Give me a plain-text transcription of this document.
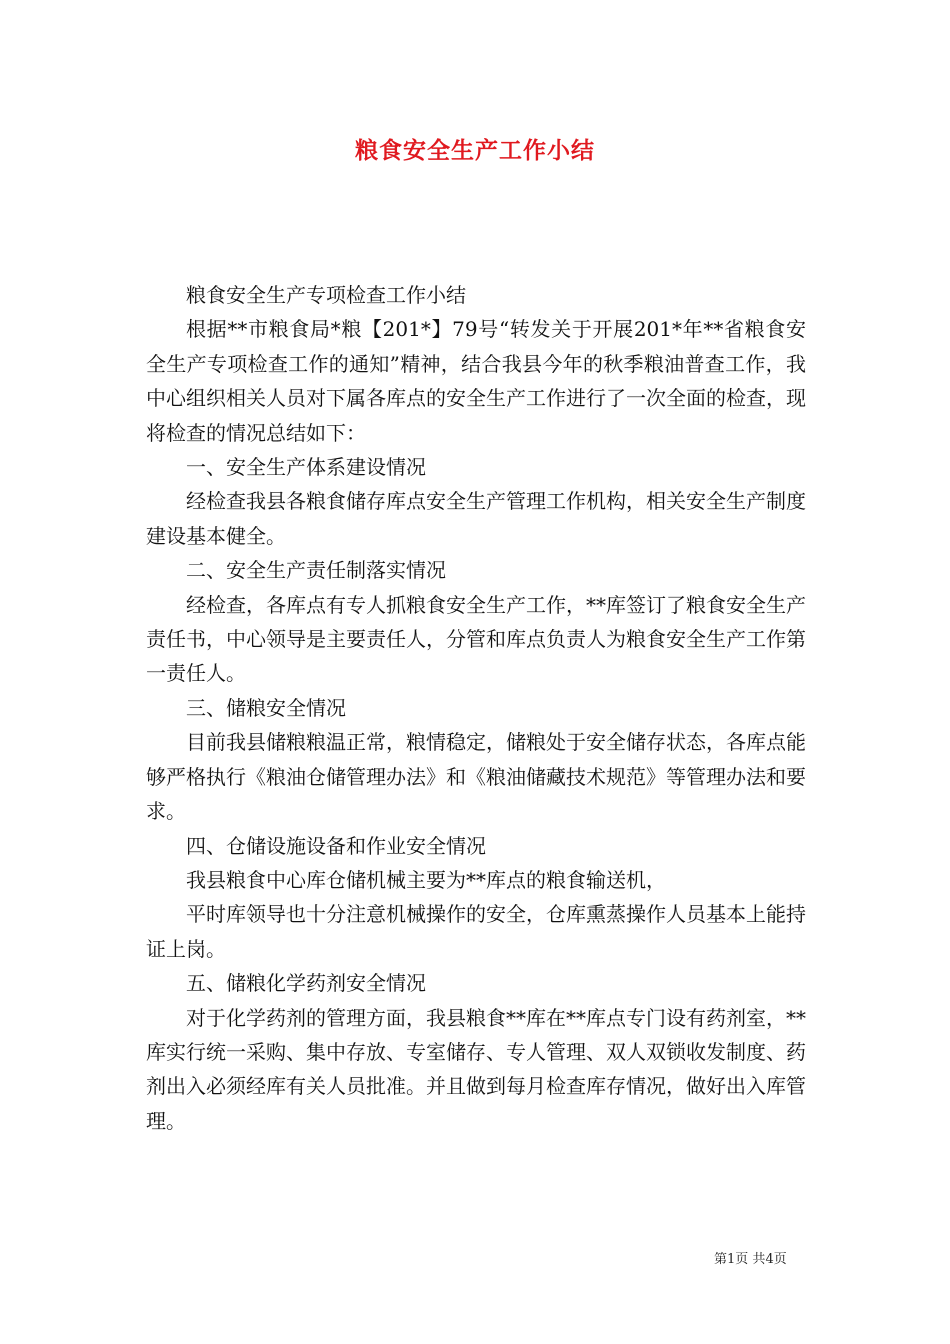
粮食安全生产工作小结

粮食安全生产专项检查工作小结

根据**市粮食局*粮【201*】79号“转发关于开展201*年**省粮食安全生产专项检查工作的通知”精神，结合我县今年的秋季粮油普查工作，我中心组织相关人员对下属各库点的安全生产工作进行了一次全面的检查，现将检查的情况总结如下：

一、安全生产体系建设情况

经检查我县各粮食储存库点安全生产管理工作机构，相关安全生产制度建设基本健全。

二、安全生产责任制落实情况

经检查，各库点有专人抓粮食安全生产工作，**库签订了粮食安全生产责任书，中心领导是主要责任人，分管和库点负责人为粮食安全生产工作第一责任人。

三、储粮安全情况

目前我县储粮粮温正常，粮情稳定，储粮处于安全储存状态，各库点能够严格执行《粮油仓储管理办法》和《粮油储藏技术规范》等管理办法和要求。

四、仓储设施设备和作业安全情况

我县粮食中心库仓储机械主要为**库点的粮食输送机，

平时库领导也十分注意机械操作的安全，仓库熏蒸操作人员基本上能持证上岗。

五、储粮化学药剂安全情况

对于化学药剂的管理方面，我县粮食**库在**库点专门设有药剂室，**库实行统一采购、集中存放、专室储存、专人管理、双人双锁收发制度、药剂出入必须经库有关人员批准。并且做到每月检查库存情况，做好出入库管理。

第1页 共4页
